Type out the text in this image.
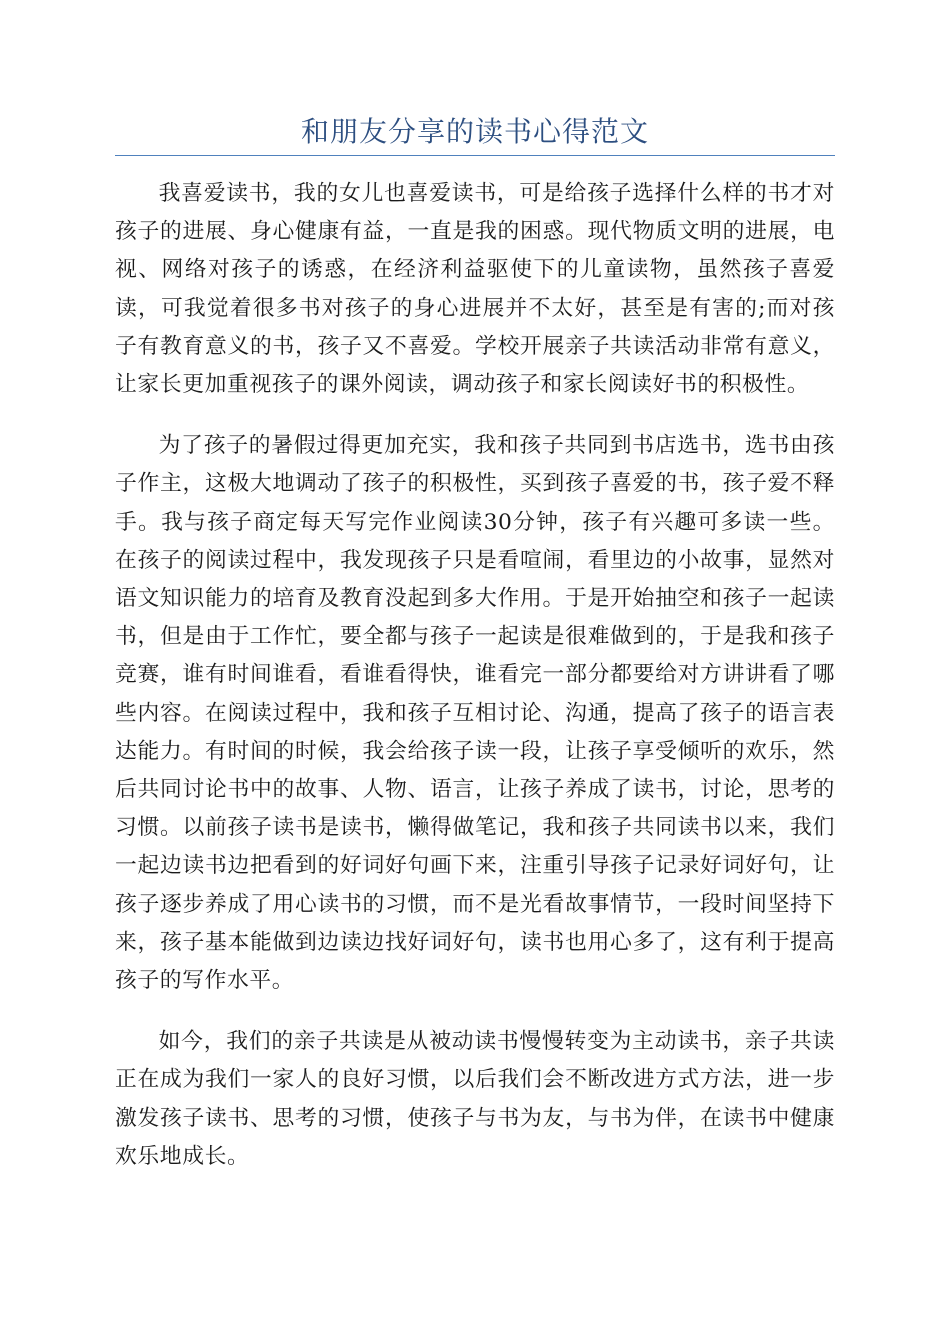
和朋友分享的读书心得范文

我喜爱读书，我的女儿也喜爱读书，可是给孩子选择什么样的书才对孩子的进展、身心健康有益，一直是我的困惑。现代物质文明的进展，电视、网络对孩子的诱惑，在经济利益驱使下的儿童读物，虽然孩子喜爱读，可我觉着很多书对孩子的身心进展并不太好，甚至是有害的;而对孩子有教育意义的书，孩子又不喜爱。学校开展亲子共读活动非常有意义，让家长更加重视孩子的课外阅读，调动孩子和家长阅读好书的积极性。

为了孩子的暑假过得更加充实，我和孩子共同到书店选书，选书由孩子作主，这极大地调动了孩子的积极性，买到孩子喜爱的书，孩子爱不释手。我与孩子商定每天写完作业阅读30分钟，孩子有兴趣可多读一些。在孩子的阅读过程中，我发现孩子只是看喧闹，看里边的小故事，显然对语文知识能力的培育及教育没起到多大作用。于是开始抽空和孩子一起读书，但是由于工作忙，要全都与孩子一起读是很难做到的，于是我和孩子竞赛，谁有时间谁看，看谁看得快，谁看完一部分都要给对方讲讲看了哪些内容。在阅读过程中，我和孩子互相讨论、沟通，提高了孩子的语言表达能力。有时间的时候，我会给孩子读一段，让孩子享受倾听的欢乐，然后共同讨论书中的故事、人物、语言，让孩子养成了读书，讨论，思考的习惯。以前孩子读书是读书，懒得做笔记，我和孩子共同读书以来，我们一起边读书边把看到的好词好句画下来，注重引导孩子记录好词好句，让孩子逐步养成了用心读书的习惯，而不是光看故事情节，一段时间坚持下来，孩子基本能做到边读边找好词好句，读书也用心多了，这有利于提高孩子的写作水平。

如今，我们的亲子共读是从被动读书慢慢转变为主动读书，亲子共读正在成为我们一家人的良好习惯，以后我们会不断改进方式方法，进一步激发孩子读书、思考的习惯，使孩子与书为友，与书为伴，在读书中健康欢乐地成长。
